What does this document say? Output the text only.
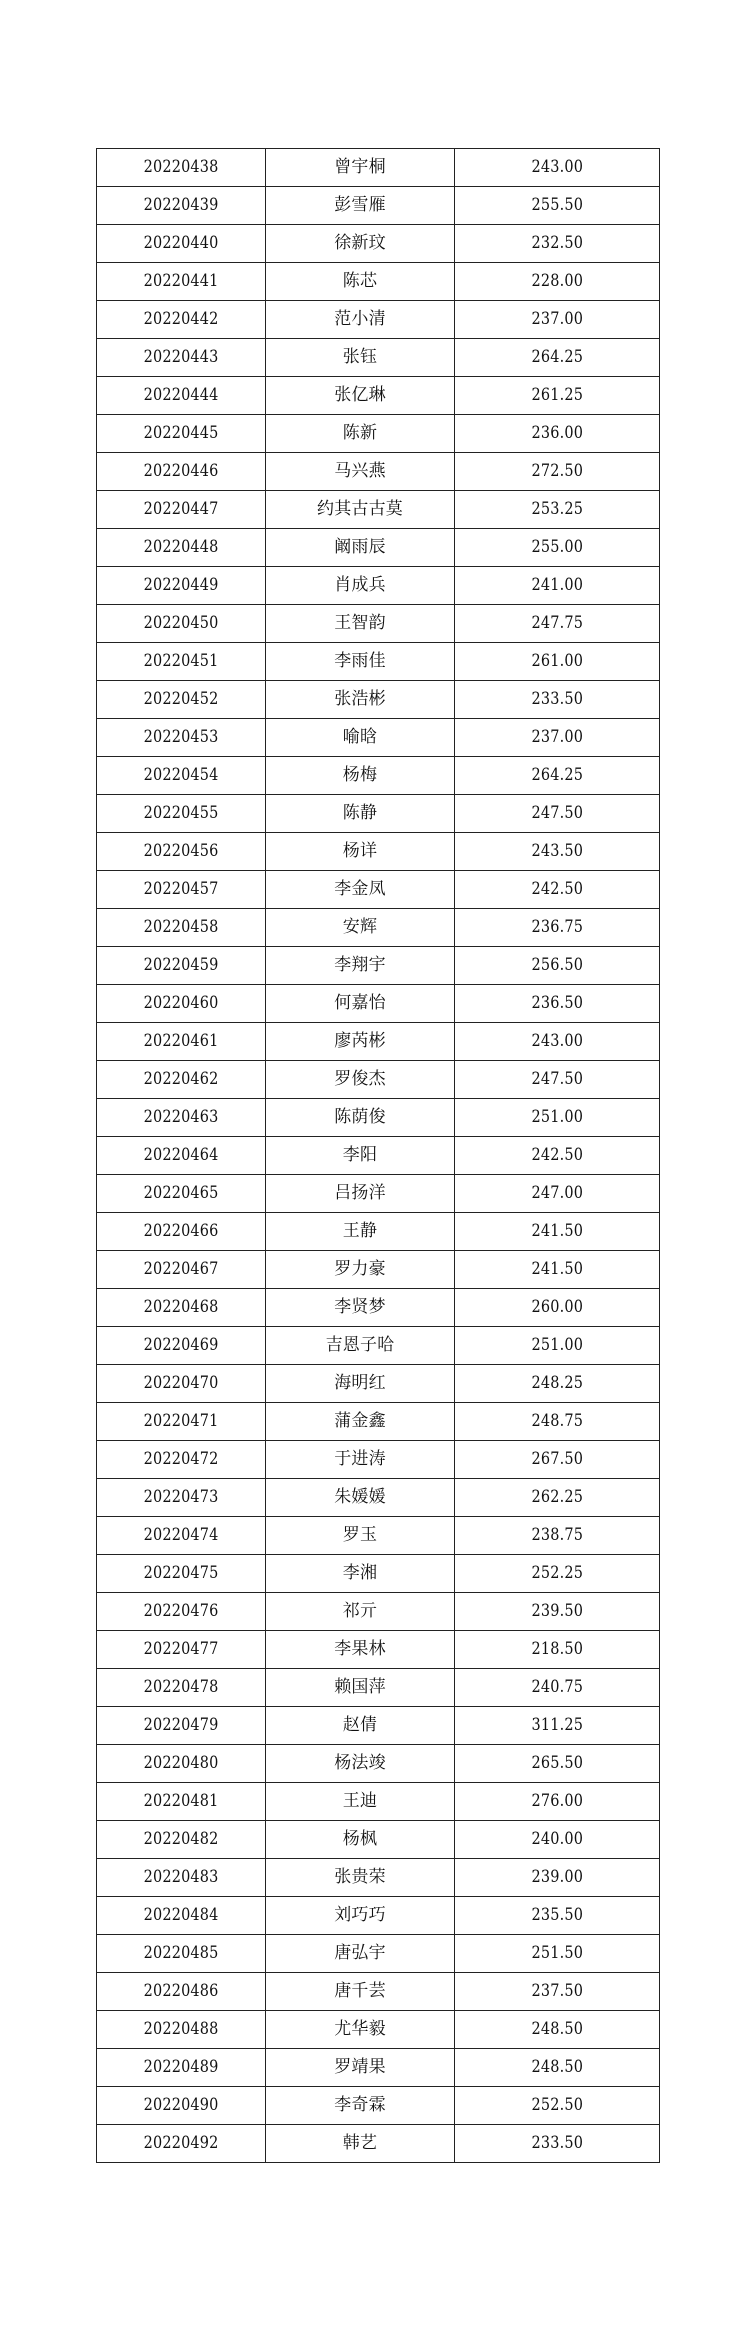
20220438	曾宇桐	243.00
20220439	彭雪雁	255.50
20220440	徐新玟	232.50
20220441	陈芯	228.00
20220442	范小清	237.00
20220443	张钰	264.25
20220444	张亿琳	261.25
20220445	陈新	236.00
20220446	马兴燕	272.50
20220447	约其古古莫	253.25
20220448	阚雨辰	255.00
20220449	肖成兵	241.00
20220450	王智韵	247.75
20220451	李雨佳	261.00
20220452	张浩彬	233.50
20220453	喻晗	237.00
20220454	杨梅	264.25
20220455	陈静	247.50
20220456	杨详	243.50
20220457	李金凤	242.50
20220458	安辉	236.75
20220459	李翔宇	256.50
20220460	何嘉怡	236.50
20220461	廖芮彬	243.00
20220462	罗俊杰	247.50
20220463	陈荫俊	251.00
20220464	李阳	242.50
20220465	吕扬洋	247.00
20220466	王静	241.50
20220467	罗力豪	241.50
20220468	李贤梦	260.00
20220469	吉恩子哈	251.00
20220470	海明红	248.25
20220471	蒲金鑫	248.75
20220472	于进涛	267.50
20220473	朱媛媛	262.25
20220474	罗玉	238.75
20220475	李湘	252.25
20220476	祁亓	239.50
20220477	李果林	218.50
20220478	赖国萍	240.75
20220479	赵倩	311.25
20220480	杨法竣	265.50
20220481	王迪	276.00
20220482	杨枫	240.00
20220483	张贵荣	239.00
20220484	刘巧巧	235.50
20220485	唐弘宇	251.50
20220486	唐千芸	237.50
20220488	尤华毅	248.50
20220489	罗靖果	248.50
20220490	李奇霖	252.50
20220492	韩艺	233.50
